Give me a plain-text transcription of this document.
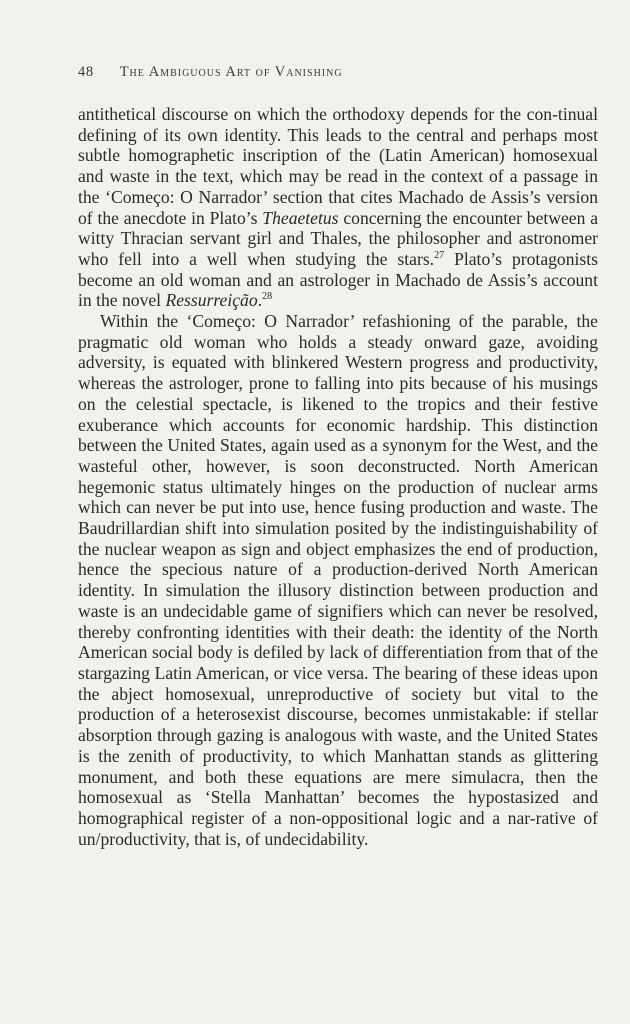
48 The Ambiguous Art of Vanishing

antithetical discourse on which the orthodoxy depends for the con-tinual defining of its own identity. This leads to the central and perhaps most subtle homographetic inscription of the (Latin American) homosexual and waste in the text, which may be read in the context of a passage in the ‘Começo: O Narrador’ section that cites Machado de Assis’s version of the anecdote in Plato’s Theaetetus concerning the encounter between a witty Thracian servant girl and Thales, the philosopher and astronomer who fell into a well when studying the stars.$^{27}$ Plato’s protagonists become an old woman and an astrologer in Machado de Assis’s account in the novel Ressurreição.$^{28}$

Within the ‘Começo: O Narrador’ refashioning of the parable, the pragmatic old woman who holds a steady onward gaze, avoiding adversity, is equated with blinkered Western progress and productivity, whereas the astrologer, prone to falling into pits because of his musings on the celestial spectacle, is likened to the tropics and their festive exuberance which accounts for economic hardship. This distinction between the United States, again used as a synonym for the West, and the wasteful other, however, is soon deconstructed. North American hegemonic status ultimately hinges on the production of nuclear arms which can never be put into use, hence fusing production and waste. The Baudrillardian shift into simulation posited by the indistinguishability of the nuclear weapon as sign and object emphasizes the end of production, hence the specious nature of a production-derived North American identity. In simulation the illusory distinction between production and waste is an undecidable game of signifiers which can never be resolved, thereby confronting identities with their death: the identity of the North American social body is defiled by lack of differentiation from that of the stargazing Latin American, or vice versa. The bearing of these ideas upon the abject homosexual, unreproductive of society but vital to the production of a heterosexist discourse, becomes unmistakable: if stellar absorption through gazing is analogous with waste, and the United States is the zenith of productivity, to which Manhattan stands as glittering monument, and both these equations are mere simulacra, then the homosexual as ‘Stella Manhattan’ becomes the hypostasized and homographical register of a non-oppositional logic and a nar-rative of un/productivity, that is, of undecidability.
